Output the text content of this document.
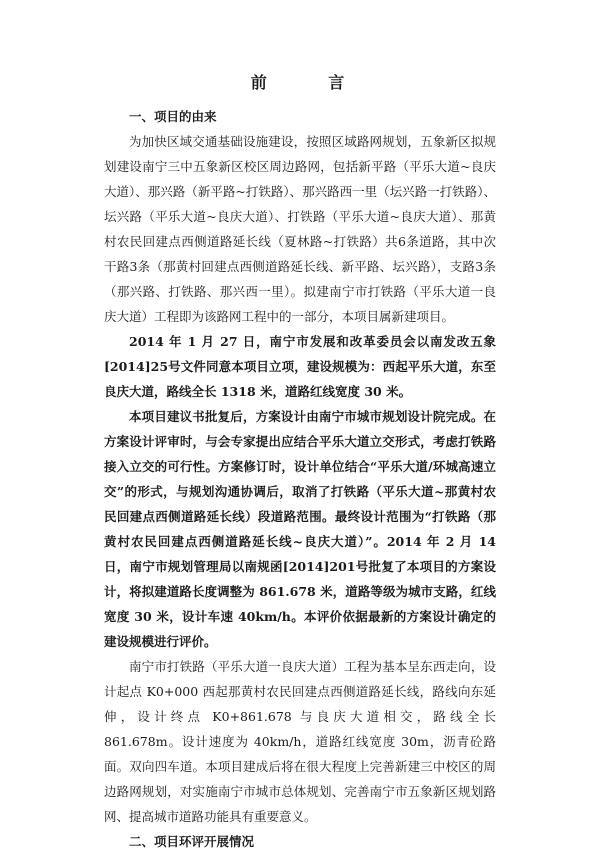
前 言

一、项目的由来

为加快区域交通基础设施建设，按照区域路网规划，五象新区拟规划建设南宁三中五象新区校区周边路网，包括新平路（平乐大道~良庆大道）、那兴路（新平路~打铁路）、那兴路西一里（坛兴路一打铁路）、坛兴路（平乐大道~良庆大道）、打铁路（平乐大道~良庆大道）、那黄村农民回建点西侧道路延长线（夏林路~打铁路）共6条道路，其中次干路3条（那黄村回建点西侧道路延长线、新平路、坛兴路），支路3条（那兴路、打铁路、那兴西一里）。拟建南宁市打铁路（平乐大道一良庆大道）工程即为该路网工程中的一部分，本项目属新建项目。

2014 年 1 月 27 日，南宁市发展和改革委员会以南发改五象[2014]25号文件同意本项目立项，建设规模为：西起平乐大道，东至良庆大道，路线全长 1318 米，道路红线宽度 30 米。

本项目建议书批复后，方案设计由南宁市城市规划设计院完成。在方案设计评审时，与会专家提出应结合平乐大道立交形式，考虑打铁路接入立交的可行性。方案修订时，设计单位结合“平乐大道/环城高速立交”的形式，与规划沟通协调后，取消了打铁路（平乐大道~那黄村农民回建点西侧道路延长线）段道路范围。最终设计范围为“打铁路（那黄村农民回建点西侧道路延长线~良庆大道）”。2014 年 2 月 14 日，南宁市规划管理局以南规函[2014]201号批复了本项目的方案设计，将拟建道路长度调整为 861.678 米，道路等级为城市支路，红线宽度 30 米，设计车速 40km/h。本评价依据最新的方案设计确定的建设规模进行评价。

南宁市打铁路（平乐大道一良庆大道）工程为基本呈东西走向，设计起点 K0+000 西起那黄村农民回建点西侧道路延长线，路线向东延伸，设计终点 K0+861.678 与良庆大道相交，路线全长 861.678m。设计速度为 40km/h，道路红线宽度 30m，沥青砼路面。双向四车道。本项目建成后将在很大程度上完善新建三中校区的周边路网规划，对实施南宁市城市总体规划、完善南宁市五象新区规划路网、提高城市道路功能具有重要意义。

二、项目环评开展情况
